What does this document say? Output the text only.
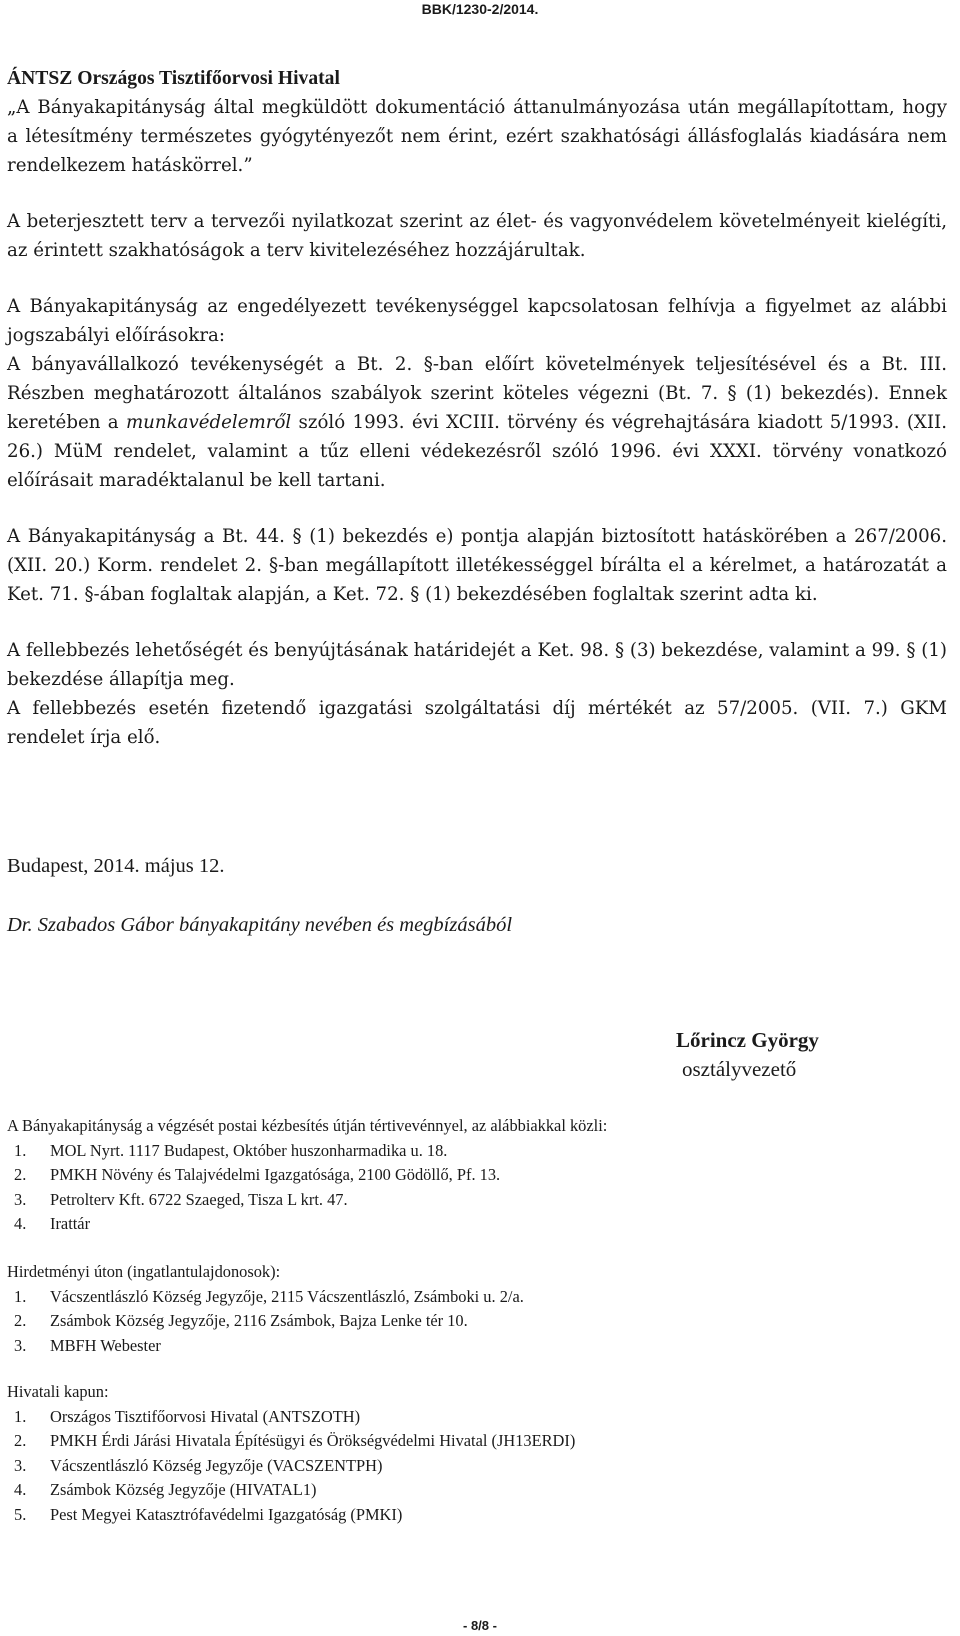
BBK/1230-2/2014.

ÁNTSZ Országos Tisztifőorvosi Hivatal

„A Bányakapitányság által megküldött dokumentáció áttanulmányozása után megállapítottam, hogy a létesítmény természetes gyógytényezőt nem érint, ezért szakhatósági állásfoglalás kiadására nem rendelkezem hatáskörrel.”

A beterjesztett terv a tervezői nyilatkozat szerint az élet- és vagyonvédelem követelményeit kielégíti, az érintett szakhatóságok a terv kivitelezéséhez hozzájárultak.

A Bányakapitányság az engedélyezett tevékenységgel kapcsolatosan felhívja a figyelmet az alábbi jogszabályi előírásokra:

A bányavállalkozó tevékenységét a Bt. 2. §-ban előírt követelmények teljesítésével és a Bt. III. Részben meghatározott általános szabályok szerint köteles végezni (Bt. 7. § (1) bekezdés). Ennek keretében a munkavédelemről szóló 1993. évi XCIII. törvény és végrehajtására kiadott 5/1993. (XII. 26.) MüM rendelet, valamint a tűz elleni védekezésről szóló 1996. évi XXXI. törvény vonatkozó előírásait maradéktalanul be kell tartani.

A Bányakapitányság a Bt. 44. § (1) bekezdés e) pontja alapján biztosított hatáskörében a 267/2006. (XII. 20.) Korm. rendelet 2. §-ban megállapított illetékességgel bírálta el a kérelmet, a határozatát a Ket. 71. §-ában foglaltak alapján, a Ket. 72. § (1) bekezdésében foglaltak szerint adta ki.

A fellebbezés lehetőségét és benyújtásának határidejét a Ket. 98. § (3) bekezdése, valamint a 99. § (1) bekezdése állapítja meg.

A fellebbezés esetén fizetendő igazgatási szolgáltatási díj mértékét az 57/2005. (VII. 7.) GKM rendelet írja elő.

Budapest, 2014. május 12.
Dr. Szabados Gábor bányakapitány nevében és megbízásából
Lőrincz György
osztályvezető
A Bányakapitányság a végzését postai kézbesítés útján tértivevénnyel, az alábbiakkal közli:
1.	MOL Nyrt. 1117 Budapest, Október huszonharmadika u. 18.
2.	PMKH Növény és Talajvédelmi Igazgatósága, 2100 Gödöllő, Pf. 13.
3.	Petrolterv Kft. 6722 Szaeged, Tisza L krt. 47.
4.	Irattár
Hirdetményi úton (ingatlantulajdonosok):
1.	Vácszentlászló Község Jegyzője, 2115 Vácszentlászló, Zsámboki u. 2/a.
2.	Zsámbok Község Jegyzője, 2116 Zsámbok, Bajza Lenke tér 10.
3.	MBFH Webester
Hivatali kapun:
1.	Országos Tisztifőorvosi Hivatal (ANTSZOTH)
2.	PMKH Érdi Járási Hivatala Építésügyi és Örökségvédelmi Hivatal (JH13ERDI)
3.	Vácszentlászló Község Jegyzője (VACSZENTPH)
4.	Zsámbok Község Jegyzője (HIVATAL1)
5.	Pest Megyei Katasztrófavédelmi Igazgatóság (PMKI)
- 8/8 -
